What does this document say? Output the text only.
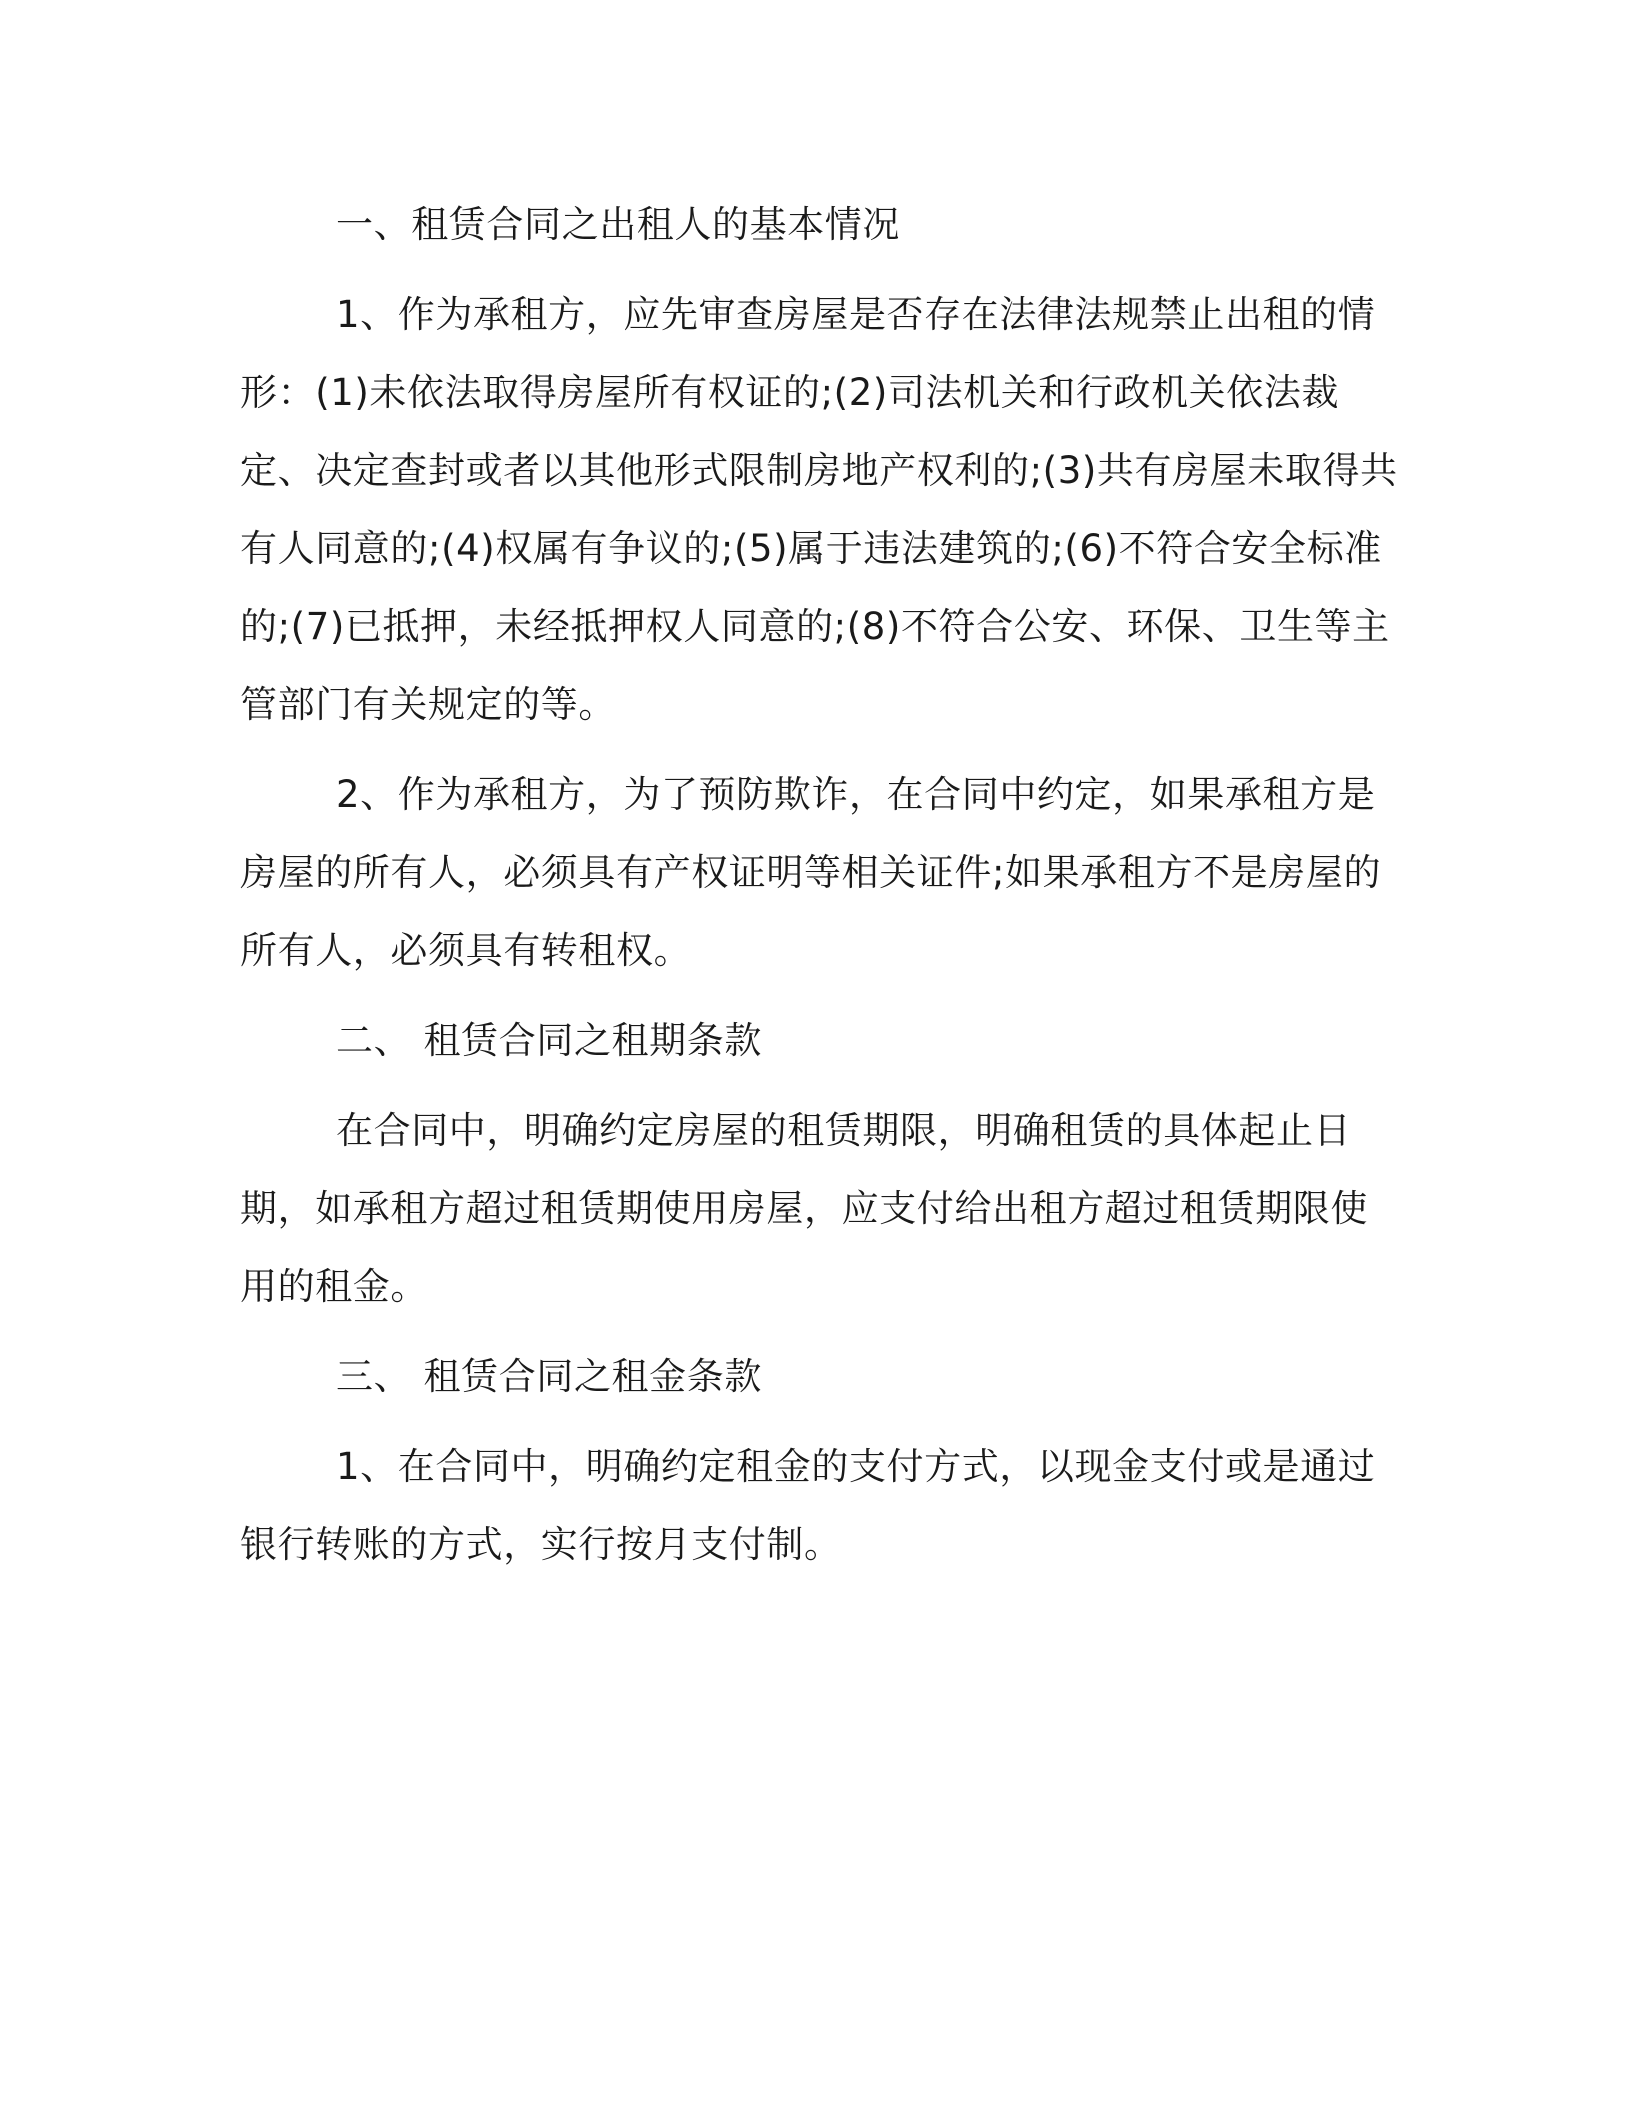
一、租赁合同之出租人的基本情况

1、作为承租方，应先审查房屋是否存在法律法规禁止出租的情形：(1)未依法取得房屋所有权证的;(2)司法机关和行政机关依法裁定、决定查封或者以其他形式限制房地产权利的;(3)共有房屋未取得共有人同意的;(4)权属有争议的;(5)属于违法建筑的;(6)不符合安全标准的;(7)已抵押，未经抵押权人同意的;(8)不符合公安、环保、卫生等主管部门有关规定的等。

2、作为承租方，为了预防欺诈，在合同中约定，如果承租方是房屋的所有人，必须具有产权证明等相关证件;如果承租方不是房屋的所有人，必须具有转租权。

二、 租赁合同之租期条款

在合同中，明确约定房屋的租赁期限，明确租赁的具体起止日期，如承租方超过租赁期使用房屋，应支付给出租方超过租赁期限使用的租金。

三、 租赁合同之租金条款

1、在合同中，明确约定租金的支付方式，以现金支付或是通过银行转账的方式，实行按月支付制。
